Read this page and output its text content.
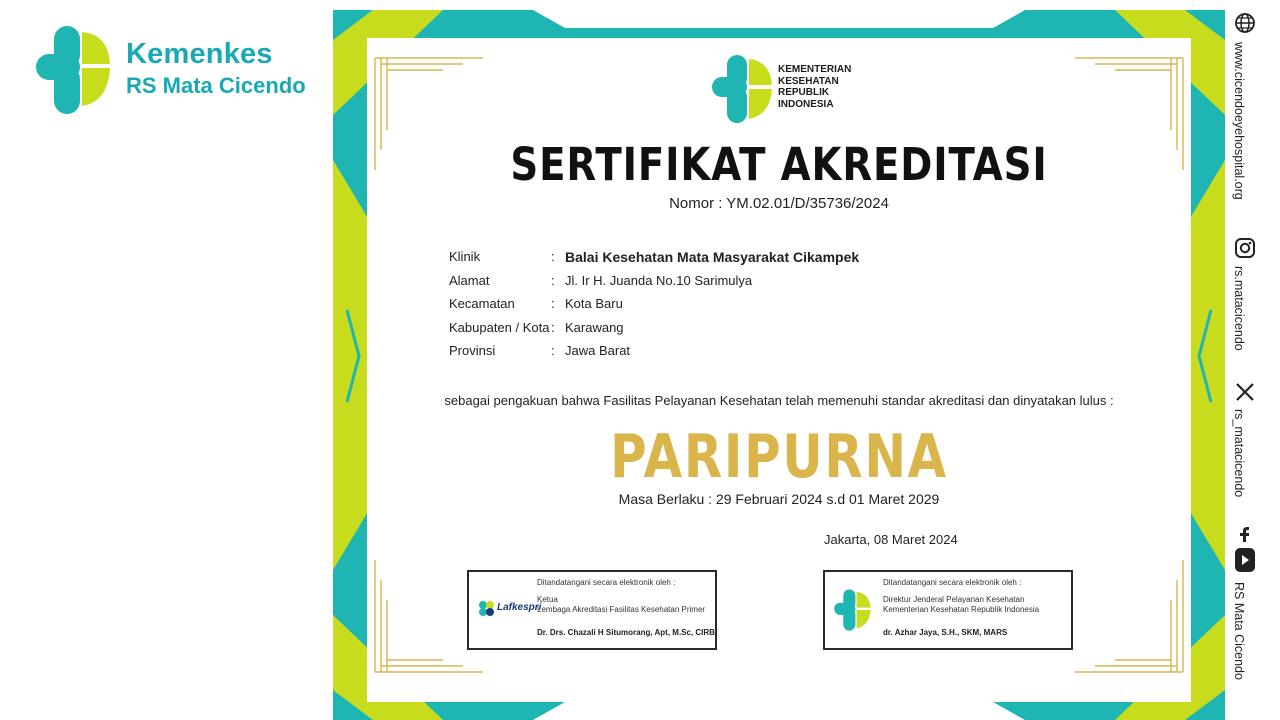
Kemenkes
RS Mata Cicendo
KEMENTERIAN
KESEHATAN
REPUBLIK
INDONESIA
SERTIFIKAT AKREDITASI
Nomor : YM.02.01/D/35736/2024
Klinik	: Balai Kesehatan Mata Masyarakat Cikampek
Alamat	: Jl. Ir H. Juanda No.10 Sarimulya
Kecamatan	: Kota Baru
Kabupaten / Kota : Karawang
Provinsi	: Jawa Barat
sebagai pengakuan bahwa Fasilitas Pelayanan Kesehatan telah memenuhi standar akreditasi dan dinyatakan lulus :
PARIPURNA
Masa Berlaku : 29 Februari 2024 s.d 01 Maret 2029
Jakarta, 08 Maret 2024
Lafkespri
Ditandatangani secara elektronik oleh :
Ketua
Lembaga Akreditasi Fasilitas Kesehatan Primer
Dr. Drs. Chazali H Situmorang, Apt, M.Sc, CIRB
Ditandatangani secara elektronik oleh :
Direktur Jenderal Pelayanan Kesehatan
Kementerian Kesehatan Republik Indonesia
dr. Azhar Jaya, S.H., SKM, MARS
www.cicendoeyehospital.org
rs.matacicendo
rs_matacicendo
RS Mata Cicendo
